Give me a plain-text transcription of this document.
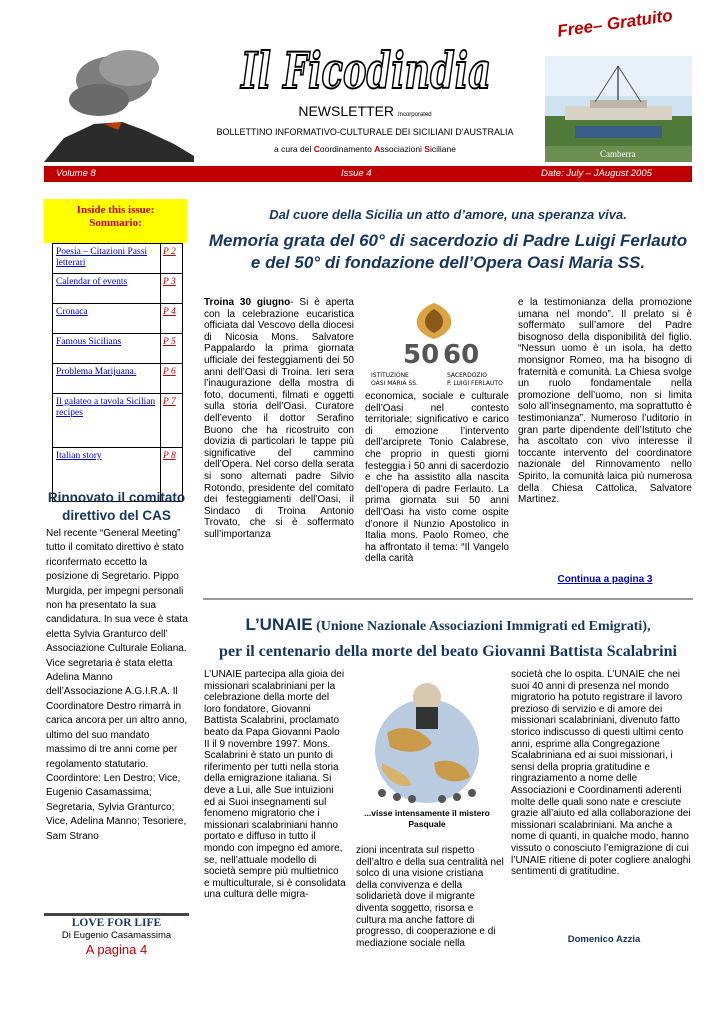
Il Ficodindia
NEWSLETTER Incorporated
BOLLETTINO INFORMATIVO-CULTURALE DEI SICILIANI D'AUSTRALIA
a cura del Coordinamento Associazioni Siciliane
Free– Gratuito
Camberra
Volume 8	Issue 4	Date: July – JAugust 2005
Inside this issue:
Sommario:
Poesia – Citazioni Passi letterari
P 2
Calendar of events	P 3
Cronaca	P 4
Famous Sicilians	P 5
Problema Marijuana.	P 6
Il galateo a tavola Sicilian recipes
P 7
Italian story	P 8
Rinnovato il comitato direttivo del CAS
Nel recente “General Meeting” tutto il comitato direttivo è stato riconfermato eccetto la posizione di Segretario. Pippo Murgida, per impegni personali non ha presentato la sua candidatura. In sua vece è stata eletta Sylvia Granturco dell’ Associazione Culturale Eoliana. Vice segretaria è stata eletta Adelina Manno dell’Associazione A.G.I.R.A. Il Coordinatore Destro rimarrà in carica ancora per un altro anno, ultimo del suo mandato massimo di tre anni come per regolamento statutario. Coordintore: Len Destro; Vice, Eugenio Casamassima; Segretaria, Sylvia Granturco; Vice, Adelina Manno; Tesoriere, Sam Strano
LOVE FOR LIFE
Di Eugenio Casamassima
A pagina 4
Dal cuore della Sicilia un atto d’amore, una speranza viva.
Memoria grata del 60° di sacerdozio di Padre Luigi Ferlauto e del 50° di fondazione dell’Opera Oasi Maria SS.
Troina 30 giugno- Si è aperta con la celebrazione eucaristica officiata dal Vescovo della diocesi di Nicosia Mons. Salvatore Pappalardo la prima giornata ufficiale dei festeggiamenti dei 50 anni dell’Oasi di Troina. Ieri sera l’inaugurazione della mostra di foto, documenti, filmati e oggetti sulla storia dell’Oasi. Curatore dell’evento il dottor Serafino Buono che ha ricostruito con dovizia di particolari le tappe più significative del cammino dell’Opera. Nel corso della serata si sono alternati padre Silvio Rotondo, presidente del comitato dei festeggiamenti dell’Oasi, il Sindaco di Troina Antonio Trovato, che si è soffermato sull’importanza
50 60
ISTITUZIONE
OASI MARIA SS.
SACERDOZIO
P. LUIGI FERLAUTO
economica, sociale e culturale dell’Oasi nel contesto territoriale; significativo e carico di emozione l’intervento dell’arciprete Tonio Calabrese, che proprio in questi giorni festeggia i 50 anni di sacerdozio e che ha assistito alla nascita dell’opera di padre Ferlauto. La prima giornata sui 50 anni dell’Oasi ha visto come ospite d’onore il Nunzio Apostolico in Italia mons. Paolo Romeo, che ha affrontato il tema: “Il Vangelo della carità
e la testimonianza della promozione umana nel mondo”. Il prelato si è soffermato sull’amore del Padre bisognoso della disponibilità del figlio. “Nessun uomo è un isola, ha detto monsignor Romeo, ma ha bisogno di fraternità e comunità. La Chiesa svolge un ruolo fondamentale nella promozione dell’uomo, non si limita solo all’insegnamento, ma soprattutto è testimonianza”. Numeroso l’uditorio in gran parte dipendente dell’Istituto che ha ascoltato con vivo interesse il toccante intervento del coordinatore nazionale del Rinnovamento nello Spirito, la comunità laica più numerosa della Chiesa Cattolica, Salvatore Martinez.
Continua a pagina 3
L’UNAIE (Unione Nazionale Associazioni Immigrati ed Emigrati),
per il centenario della morte del beato Giovanni Battista Scalabrini
L’UNAIE partecipa alla gioia dei missionari scalabriniani per la celebrazione della morte del loro fondatore, Giovanni Battista Scalabrini, proclamato beato da Papa Giovanni Paolo II il 9 novembre 1997. Mons. Scalabrini è stato un punto di riferimento per tutti nella storia della emigrazione italiana. Si deve a Lui, alle Sue intuizioni ed ai Suoi insegnamenti sul fenomeno migratorio che i missionari scalabriniani hanno portato e diffuso in tutto il mondo con impegno ed amore, se, nell’attuale modello di società sempre più multietnico e multiculturale, si è consolidata una cultura delle migra-
...visse intensamente il mistero Pasquale
zioni incentrata sul rispetto dell’altro e della sua centralità nel solco di una visione cristiana della convivenza e della solidarietà dove il migrante diventa soggetto, risorsa e cultura ma anche fattore di progresso, di cooperazione e di mediazione sociale nella
società che lo ospita. L’UNAIE che nei suoi 40 anni di presenza nel mondo migratorio ha potuto registrare il lavoro prezioso di servizio e di amore dei missionari scalabriniani, divenuto fatto storico indiscusso di questi ultimi cento anni, esprime alla Congregazione Scalabriniana ed ai suoi missionari, i sensi della propria gratitudine e ringraziamento a nome delle Associazioni e Coordinamenti aderenti molte delle quali sono nate e cresciute grazie all’aiuto ed alla collaborazione dei missionari scalabriniani. Ma anche a nome di quanti, in qualche modo, hanno vissuto o conosciuto l’emigrazione di cui l’UNAIE ritiene di poter cogliere analoghi sentimenti di gratitudine.
Domenico Azzia
